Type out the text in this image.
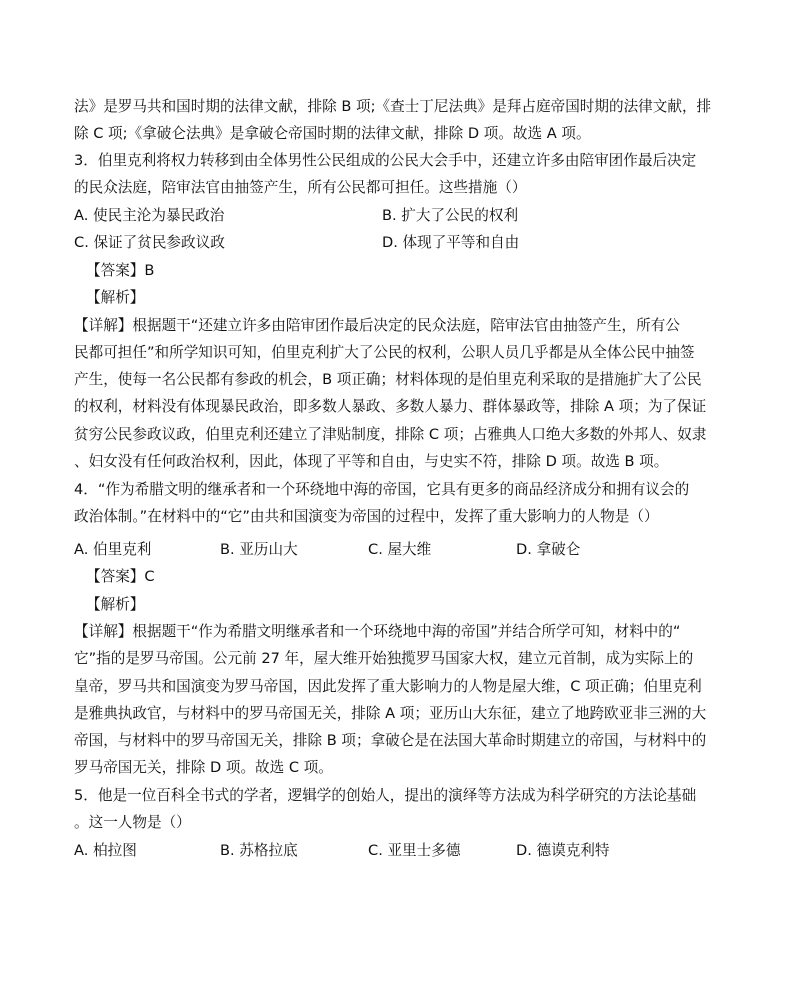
法》是罗马共和国时期的法律文献，排除 B 项;《查士丁尼法典》是拜占庭帝国时期的法律文献，排
除 C 项;《拿破仑法典》是拿破仑帝国时期的法律文献，排除 D 项。故选 A 项。
3．伯里克利将权力转移到由全体男性公民组成的公民大会手中，还建立许多由陪审团作最后决定
的民众法庭，陪审法官由抽签产生，所有公民都可担任。这些措施（）
A. 使民主沦为暴民政治	B. 扩大了公民的权利
C. 保证了贫民参政议政	D. 体现了平等和自由
【答案】B
【解析】
【详解】根据题干“还建立许多由陪审团作最后决定的民众法庭，陪审法官由抽签产生，所有公
民都可担任”和所学知识可知，伯里克利扩大了公民的权利，公职人员几乎都是从全体公民中抽签
产生，使每一名公民都有参政的机会，B 项正确；材料体现的是伯里克利采取的是措施扩大了公民
的权利，材料没有体现暴民政治，即多数人暴政、多数人暴力、群体暴政等，排除 A 项；为了保证
贫穷公民参政议政，伯里克利还建立了津贴制度，排除 C 项；占雅典人口绝大多数的外邦人、奴隶
、妇女没有任何政治权利，因此，体现了平等和自由，与史实不符，排除 D 项。故选 B 项。
4．“作为希腊文明的继承者和一个环绕地中海的帝国，它具有更多的商品经济成分和拥有议会的
政治体制。”在材料中的“它”由共和国演变为帝国的过程中，发挥了重大影响力的人物是（）
A. 伯里克利	B. 亚历山大	C. 屋大维	D. 拿破仑
【答案】C
【解析】
【详解】根据题干“作为希腊文明继承者和一个环绕地中海的帝国”并结合所学可知，材料中的“
它”指的是罗马帝国。公元前 27 年，屋大维开始独揽罗马国家大权，建立元首制，成为实际上的
皇帝，罗马共和国演变为罗马帝国，因此发挥了重大影响力的人物是屋大维，C 项正确；伯里克利
是雅典执政官，与材料中的罗马帝国无关，排除 A 项；亚历山大东征，建立了地跨欧亚非三洲的大
帝国，与材料中的罗马帝国无关，排除 B 项；拿破仑是在法国大革命时期建立的帝国，与材料中的
罗马帝国无关，排除 D 项。故选 C 项。
5．他是一位百科全书式的学者，逻辑学的创始人，提出的演绎等方法成为科学研究的方法论基础
。这一人物是（）
A. 柏拉图	B. 苏格拉底	C. 亚里士多德	D. 德谟克利特
